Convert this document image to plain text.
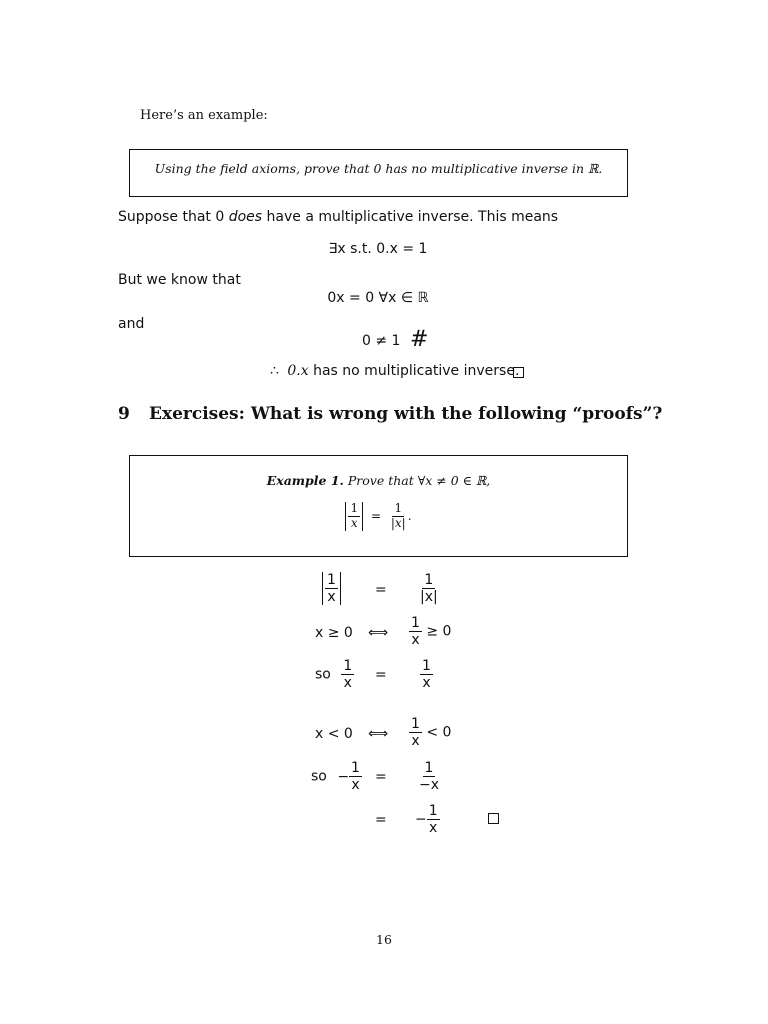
Here’s an example:
Using the field axioms, prove that 0 has no multiplicative inverse in ℝ.
Suppose that 0 does have a multiplicative inverse. This means
∃x s.t. 0.x = 1
But we know that
0x = 0 ∀x ∈ ℝ
and
0 ≠ 1 #
∴ 0.x has no multiplicative inverse.
9 Exercises: What is wrong with the following “proofs”?
Example 1. Prove that ∀x ≠ 0 ∈ ℝ,
$\frac{1}{x} = \frac{1}{|x|}$ .
$\frac{1}{x}$	= $\frac{1}{|x|}$
x ≥ 0 ⟺ $\frac{1}{x} \ge 0$
so $\frac{1}{x} = \frac{1}{x}$
x < 0 ⟺ $\frac{1}{x} < 0$
so − $\frac{1}{x} = \frac{1}{-x}$
= − $\frac{1}{x}$
16
